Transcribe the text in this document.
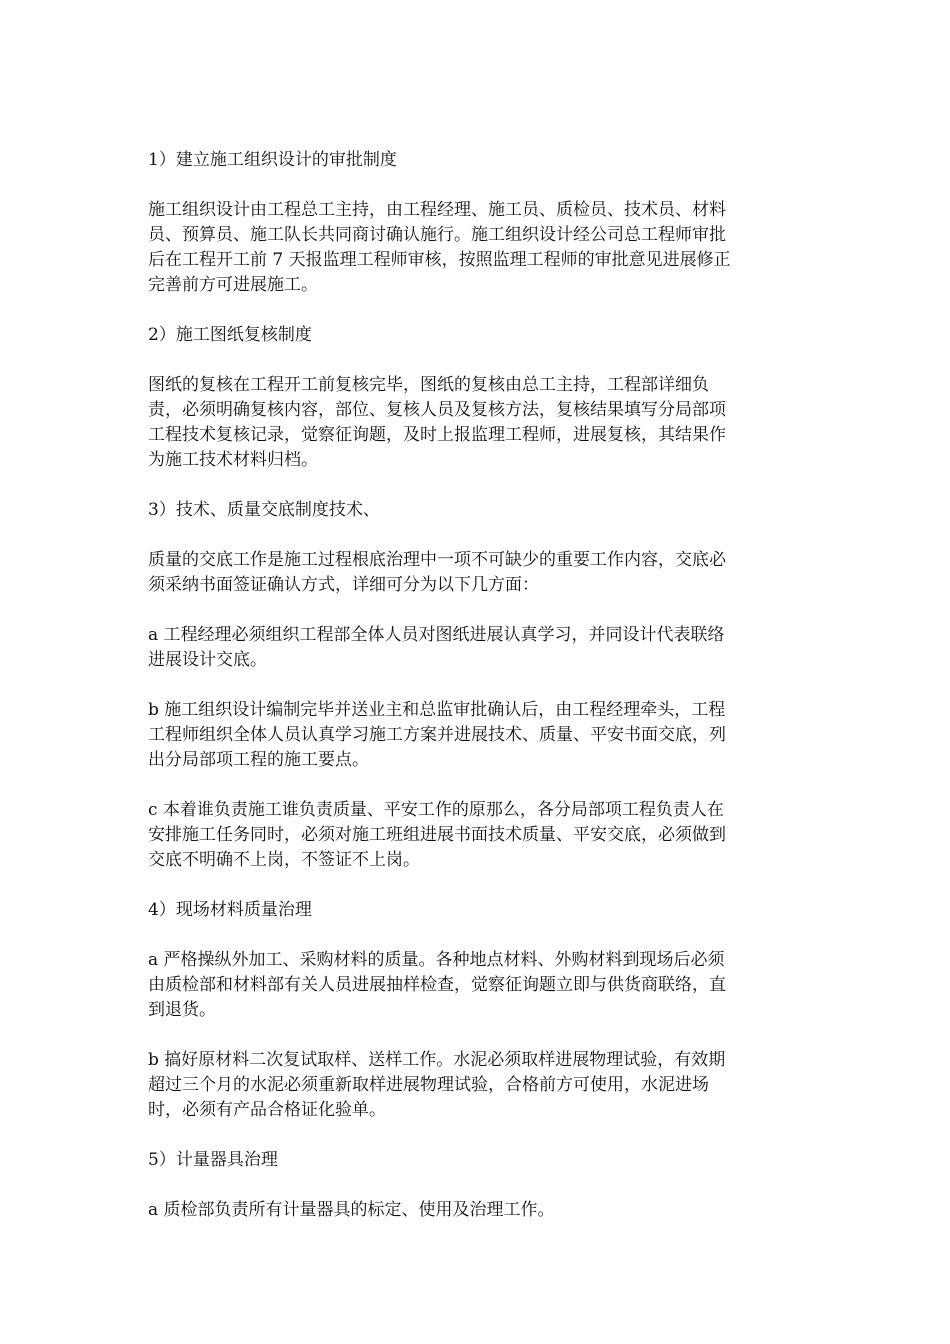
1）建立施工组织设计的审批制度
施工组织设计由工程总工主持，由工程经理、施工员、质检员、技术员、材料
员、预算员、施工队长共同商讨确认施行。施工组织设计经公司总工程师审批
后在工程开工前 7 天报监理工程师审核，按照监理工程师的审批意见进展修正
完善前方可进展施工。
2）施工图纸复核制度
图纸的复核在工程开工前复核完毕，图纸的复核由总工主持，工程部详细负
责，必须明确复核内容，部位、复核人员及复核方法，复核结果填写分局部项
工程技术复核记录，觉察征询题，及时上报监理工程师，进展复核，其结果作
为施工技术材料归档。
3）技术、质量交底制度技术、
质量的交底工作是施工过程根底治理中一项不可缺少的重要工作内容，交底必
须采纳书面签证确认方式，详细可分为以下几方面：
a 工程经理必须组织工程部全体人员对图纸进展认真学习，并同设计代表联络
进展设计交底。
b 施工组织设计编制完毕并送业主和总监审批确认后，由工程经理牵头，工程
工程师组织全体人员认真学习施工方案并进展技术、质量、平安书面交底，列
出分局部项工程的施工要点。
c 本着谁负责施工谁负责质量、平安工作的原那么，各分局部项工程负责人在
安排施工任务同时，必须对施工班组进展书面技术质量、平安交底，必须做到
交底不明确不上岗，不签证不上岗。
4）现场材料质量治理
a 严格操纵外加工、采购材料的质量。各种地点材料、外购材料到现场后必须
由质检部和材料部有关人员进展抽样检查，觉察征询题立即与供货商联络，直
到退货。
b 搞好原材料二次复试取样、送样工作。水泥必须取样进展物理试验，有效期
超过三个月的水泥必须重新取样进展物理试验，合格前方可使用，水泥进场
时，必须有产品合格证化验单。
5）计量器具治理
a 质检部负责所有计量器具的标定、使用及治理工作。
